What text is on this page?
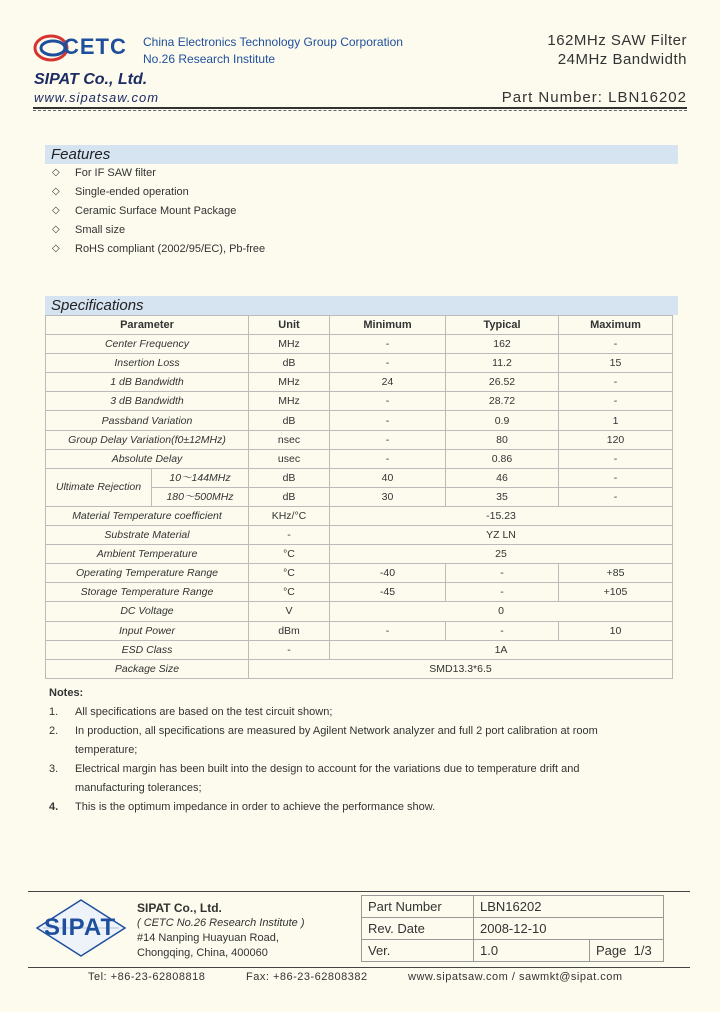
CETC China Electronics Technology Group Corporation
No.26 Research Institute
162MHz SAW Filter
24MHz Bandwidth
SIPAT Co., Ltd.
www.sipatsaw.com	Part Number: LBN16202
Features
◇ For IF SAW filter
◇ Single-ended operation
◇ Ceramic Surface Mount Package
◇ Small size
◇ RoHS compliant (2002/95/EC), Pb-free
Specifications
Parameter		Unit	Minimum	Typical	Maximum
Center Frequency		MHz	-	162	-
Insertion Loss		dB	-	11.2	15
1 dB Bandwidth		MHz	24	26.52	-
3 dB Bandwidth		MHz	-	28.72	-
Passband Variation		dB	-	0.9	1
Group Delay Variation(f0±12MHz)		nsec	-	80	120
Absolute Delay		usec	-	0.86	-
Ultimate Rejection	10～144MHz	dB	40	46	-
	180～500MHz	dB	30	35	-
Material Temperature coefficient		KHz/°C	-15.23		
Substrate Material		-	YZ LN		
Ambient Temperature		°C	25		
Operating Temperature Range		°C	-40	-	+85
Storage Temperature Range		°C	-45	-	+105
DC Voltage		V	0		
Input Power		dBm	-	-	10
ESD Class		-	1A		
Package Size		SMD13.3*6.5			
Notes:
1. All specifications are based on the test circuit shown;
2. In production, all specifications are measured by Agilent Network analyzer and full 2 port calibration at room
temperature;
3. Electrical margin has been built into the design to account for the variations due to temperature drift and
manufacturing tolerances;
4. This is the optimum impedance in order to achieve the performance show.
SIPAT
SIPAT Co., Ltd.
( CETC No.26 Research Institute )
#14 Nanping Huayuan Road,
Chongqing, China, 400060
Part Number	LBN16202	
Rev. Date	2008-12-10	
Ver.	1.0	Page 1/3
Tel: +86-23-62808818	Fax: +86-23-62808382	www.sipatsaw.com / sawmkt@sipat.com
